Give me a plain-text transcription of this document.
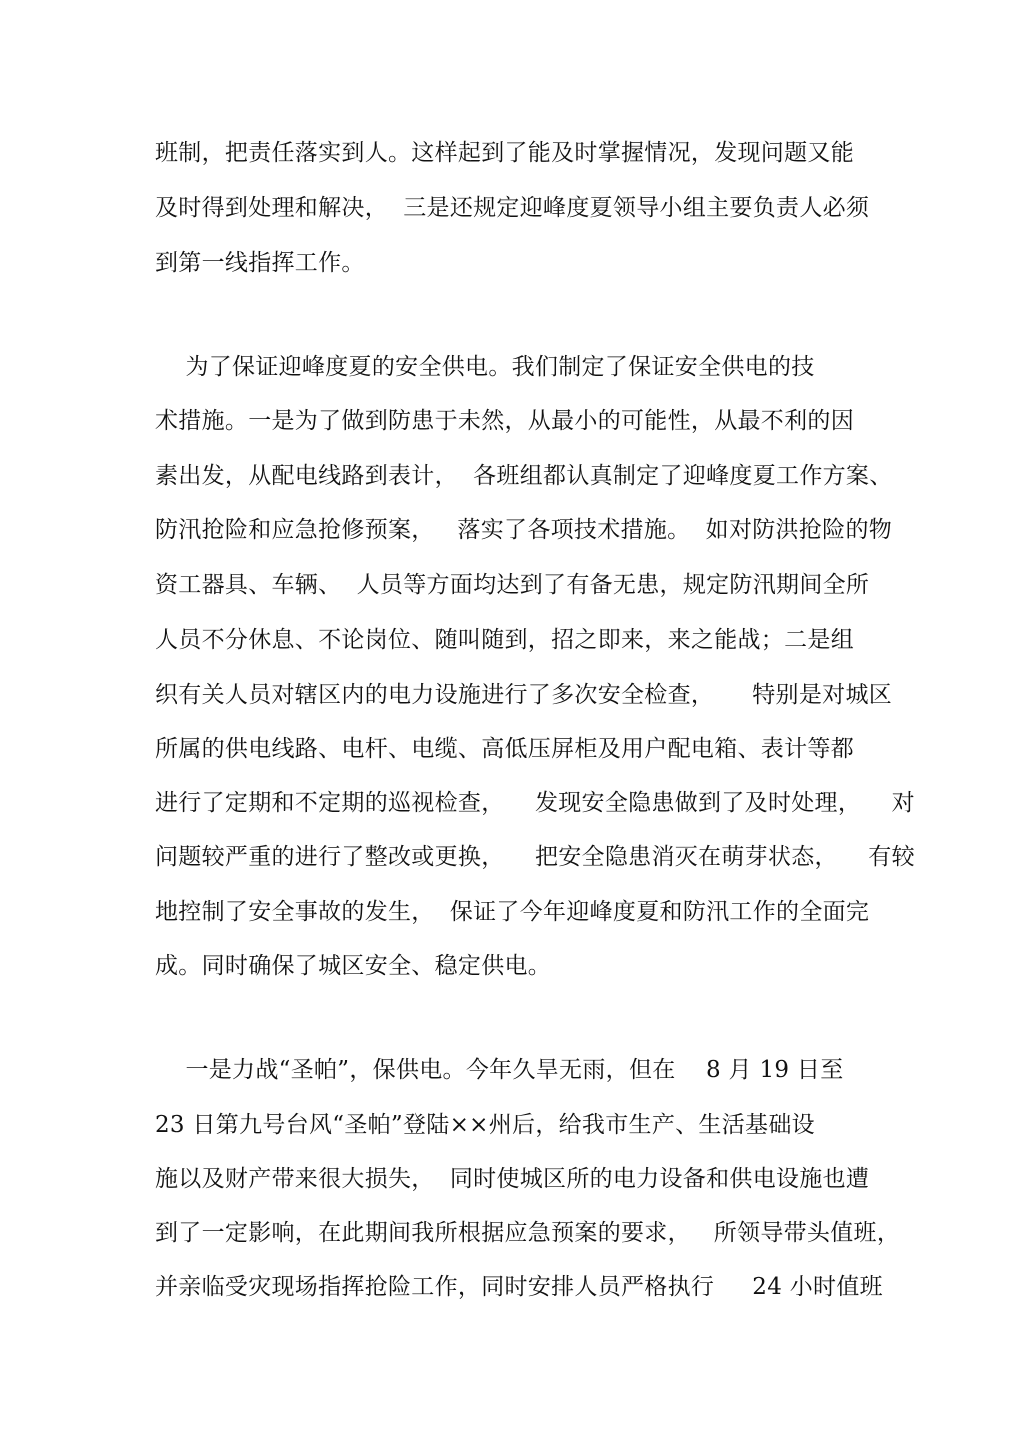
班制，把责任落实到人。这样起到了能及时掌握情况，发现问题又能
及时得到处理和解决，  三是还规定迎峰度夏领导小组主要负责人必须
到第一线指挥工作。
为了保证迎峰度夏的安全供电。我们制定了保证安全供电的技
术措施。一是为了做到防患于未然，从最小的可能性，从最不利的因
素出发，从配电线路到表计，  各班组都认真制定了迎峰度夏工作方案、
防汛抢险和应急抢修预案，   落实了各项技术措施。  如对防洪抢险的物
资工器具、车辆、  人员等方面均达到了有备无患，规定防汛期间全所
人员不分休息、不论岗位、随叫随到，招之即来，来之能战；二是组
织有关人员对辖区内的电力设施进行了多次安全检查，     特别是对城区
所属的供电线路、电杆、电缆、高低压屏柜及用户配电箱、表计等都
进行了定期和不定期的巡视检查，    发现安全隐患做到了及时处理，    对
问题较严重的进行了整改或更换，    把安全隐患消灭在萌芽状态，    有较
地控制了安全事故的发生，  保证了今年迎峰度夏和防汛工作的全面完
成。同时确保了城区安全、稳定供电。
一是力战“圣帕”，保供电。今年久旱无雨，但在    8 月 19 日至
23 日第九号台风“圣帕”登陆××州后，给我市生产、生活基础设
施以及财产带来很大损失，  同时使城区所的电力设备和供电设施也遭
到了一定影响，在此期间我所根据应急预案的要求，   所领导带头值班，
并亲临受灾现场指挥抢险工作，同时安排人员严格执行     24 小时值班
